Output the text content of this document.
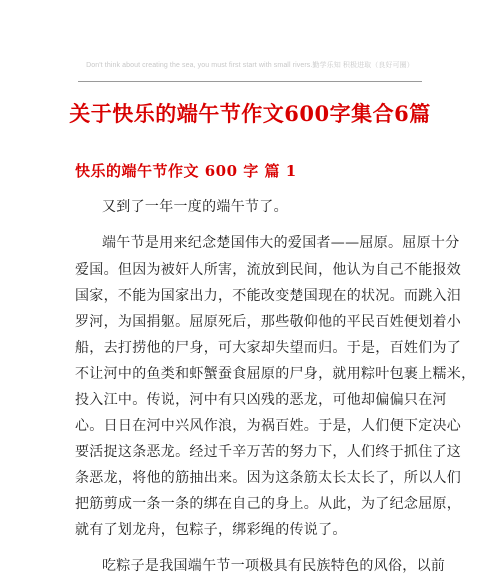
Don't think about creating the sea, you must first start with small rivers.勤学乐知 积极进取（良好可圈）
关于快乐的端午节作文600字集合6篇
快乐的端午节作文 600 字 篇 1
又到了一年一度的端午节了。
端午节是用来纪念楚国伟大的爱国者——屈原。屈原十分
爱国。但因为被奸人所害，流放到民间，他认为自己不能报效
国家，不能为国家出力，不能改变楚国现在的状况。而跳入汨
罗河，为国捐躯。屈原死后，那些敬仰他的平民百姓便划着小
船，去打捞他的尸身，可大家却失望而归。于是，百姓们为了
不让河中的鱼类和虾蟹蚕食屈原的尸身，就用粽叶包裹上糯米，
投入江中。传说，河中有只凶残的恶龙，可他却偏偏只在河
心。日日在河中兴风作浪，为祸百姓。于是，人们便下定决心
要活捉这条恶龙。经过千辛万苦的努力下，人们终于抓住了这
条恶龙，将他的筋抽出来。因为这条筋太长太长了，所以人们
把筋剪成一条一条的绑在自己的身上。从此，为了纪念屈原，
就有了划龙舟，包粽子，绑彩绳的传说了。
吃粽子是我国端午节一项极具有民族特色的风俗，以前
